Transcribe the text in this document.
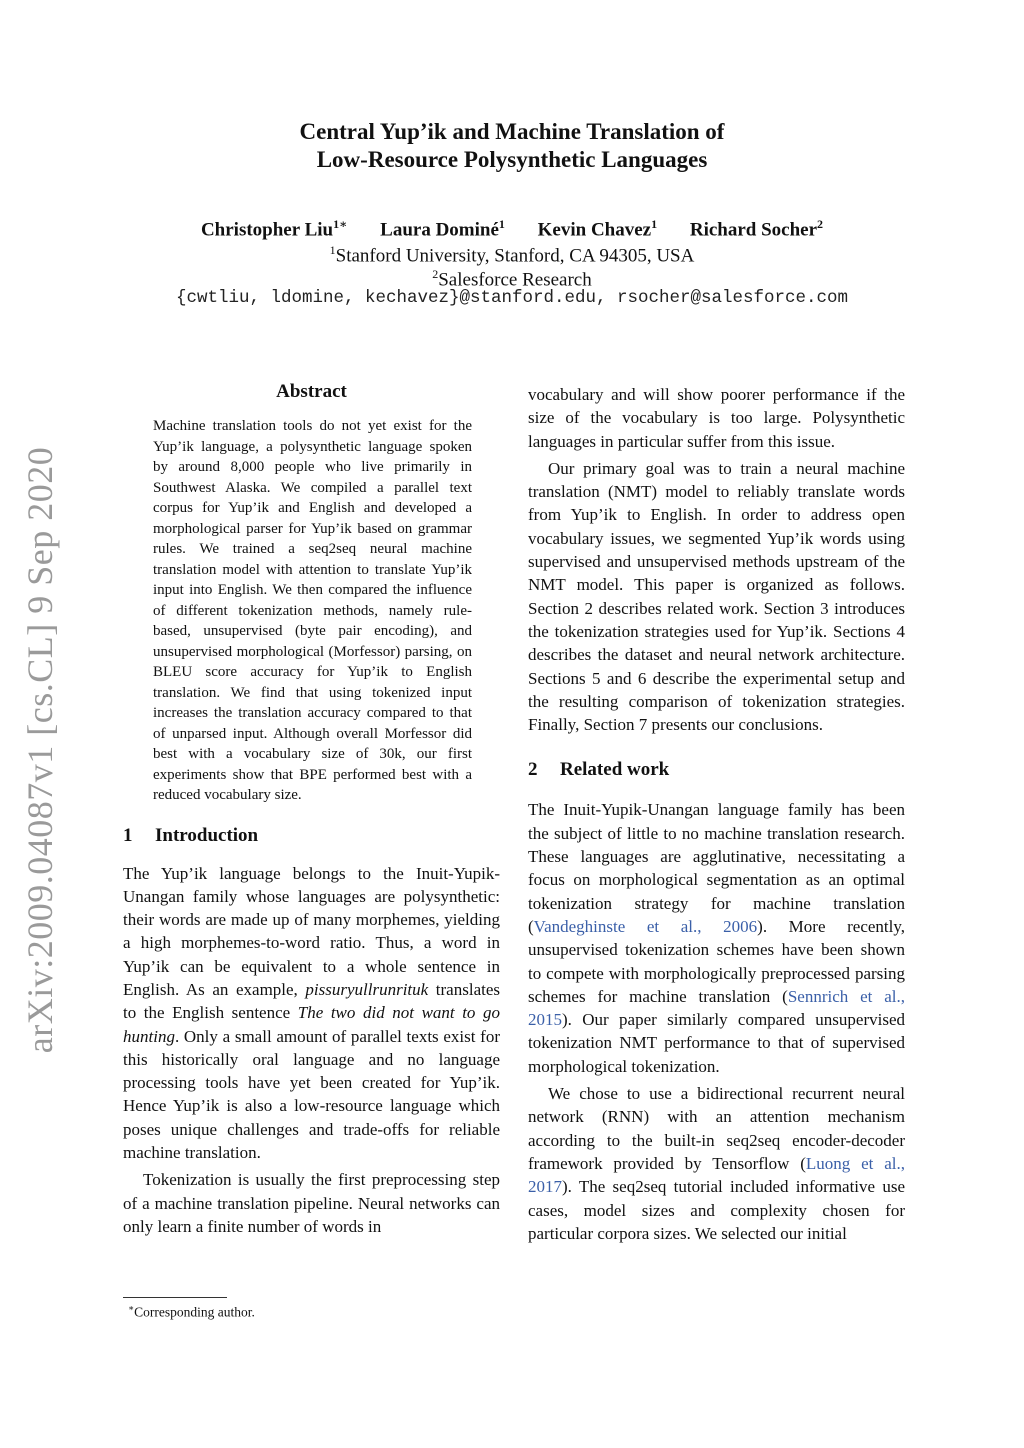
arXiv:2009.04087v1 [cs.CL] 9 Sep 2020
Central Yup’ik and Machine Translation of
Low-Resource Polysynthetic Languages
Christopher Liu$^{1∗}$ Laura Dominé$^1$ Kevin Chavez$^1$ Richard Socher$^2$
$^1$Stanford University, Stanford, CA 94305, USA
$^2$Salesforce Research
{cwtliu, ldomine, kechavez}@stanford.edu, rsocher@salesforce.com
Abstract

Machine translation tools do not yet exist for the Yup’ik language, a polysynthetic language spoken by around 8,000 people who live primarily in Southwest Alaska. We compiled a parallel text corpus for Yup’ik and English and developed a morphological parser for Yup’ik based on grammar rules. We trained a seq2seq neural machine translation model with attention to translate Yup’ik input into English. We then compared the influence of different tokenization methods, namely rule-based, unsupervised (byte pair encoding), and unsupervised morphological (Morfessor) parsing, on BLEU score accuracy for Yup’ik to English translation. We find that using tokenized input increases the translation accuracy compared to that of unparsed input. Although overall Morfessor did best with a vocabulary size of 30k, our first experiments show that BPE performed best with a reduced vocabulary size.

1 Introduction

The Yup’ik language belongs to the Inuit-Yupik-Unangan family whose languages are polysynthetic: their words are made up of many morphemes, yielding a high morphemes-to-word ratio. Thus, a word in Yup’ik can be equivalent to a whole sentence in English. As an example, pissuryullrunrituk translates to the English sentence The two did not want to go hunting. Only a small amount of parallel texts exist for this historically oral language and no language processing tools have yet been created for Yup’ik. Hence Yup’ik is also a low-resource language which poses unique challenges and trade-offs for reliable machine translation.

Tokenization is usually the first preprocessing step of a machine translation pipeline. Neural networks can only learn a finite number of words in

vocabulary and will show poorer performance if the size of the vocabulary is too large. Polysynthetic languages in particular suffer from this issue.

Our primary goal was to train a neural machine translation (NMT) model to reliably translate words from Yup’ik to English. In order to address open vocabulary issues, we segmented Yup’ik words using supervised and unsupervised methods upstream of the NMT model. This paper is organized as follows. Section 2 describes related work. Section 3 introduces the tokenization strategies used for Yup’ik. Sections 4 describes the dataset and neural network architecture. Sections 5 and 6 describe the experimental setup and the resulting comparison of tokenization strategies. Finally, Section 7 presents our conclusions.

2 Related work

The Inuit-Yupik-Unangan language family has been the subject of little to no machine translation research. These languages are agglutinative, necessitating a focus on morphological segmentation as an optimal tokenization strategy for machine translation (Vandeghinste et al., 2006). More recently, unsupervised tokenization schemes have been shown to compete with morphologically preprocessed parsing schemes for machine translation (Sennrich et al., 2015). Our paper similarly compared unsupervised tokenization NMT performance to that of supervised morphological tokenization.

We chose to use a bidirectional recurrent neural network (RNN) with an attention mechanism according to the built-in seq2seq encoder-decoder framework provided by Tensorflow (Luong et al., 2017). The seq2seq tutorial included informative use cases, model sizes and complexity chosen for particular corpora sizes. We selected our initial

∗Corresponding author.
